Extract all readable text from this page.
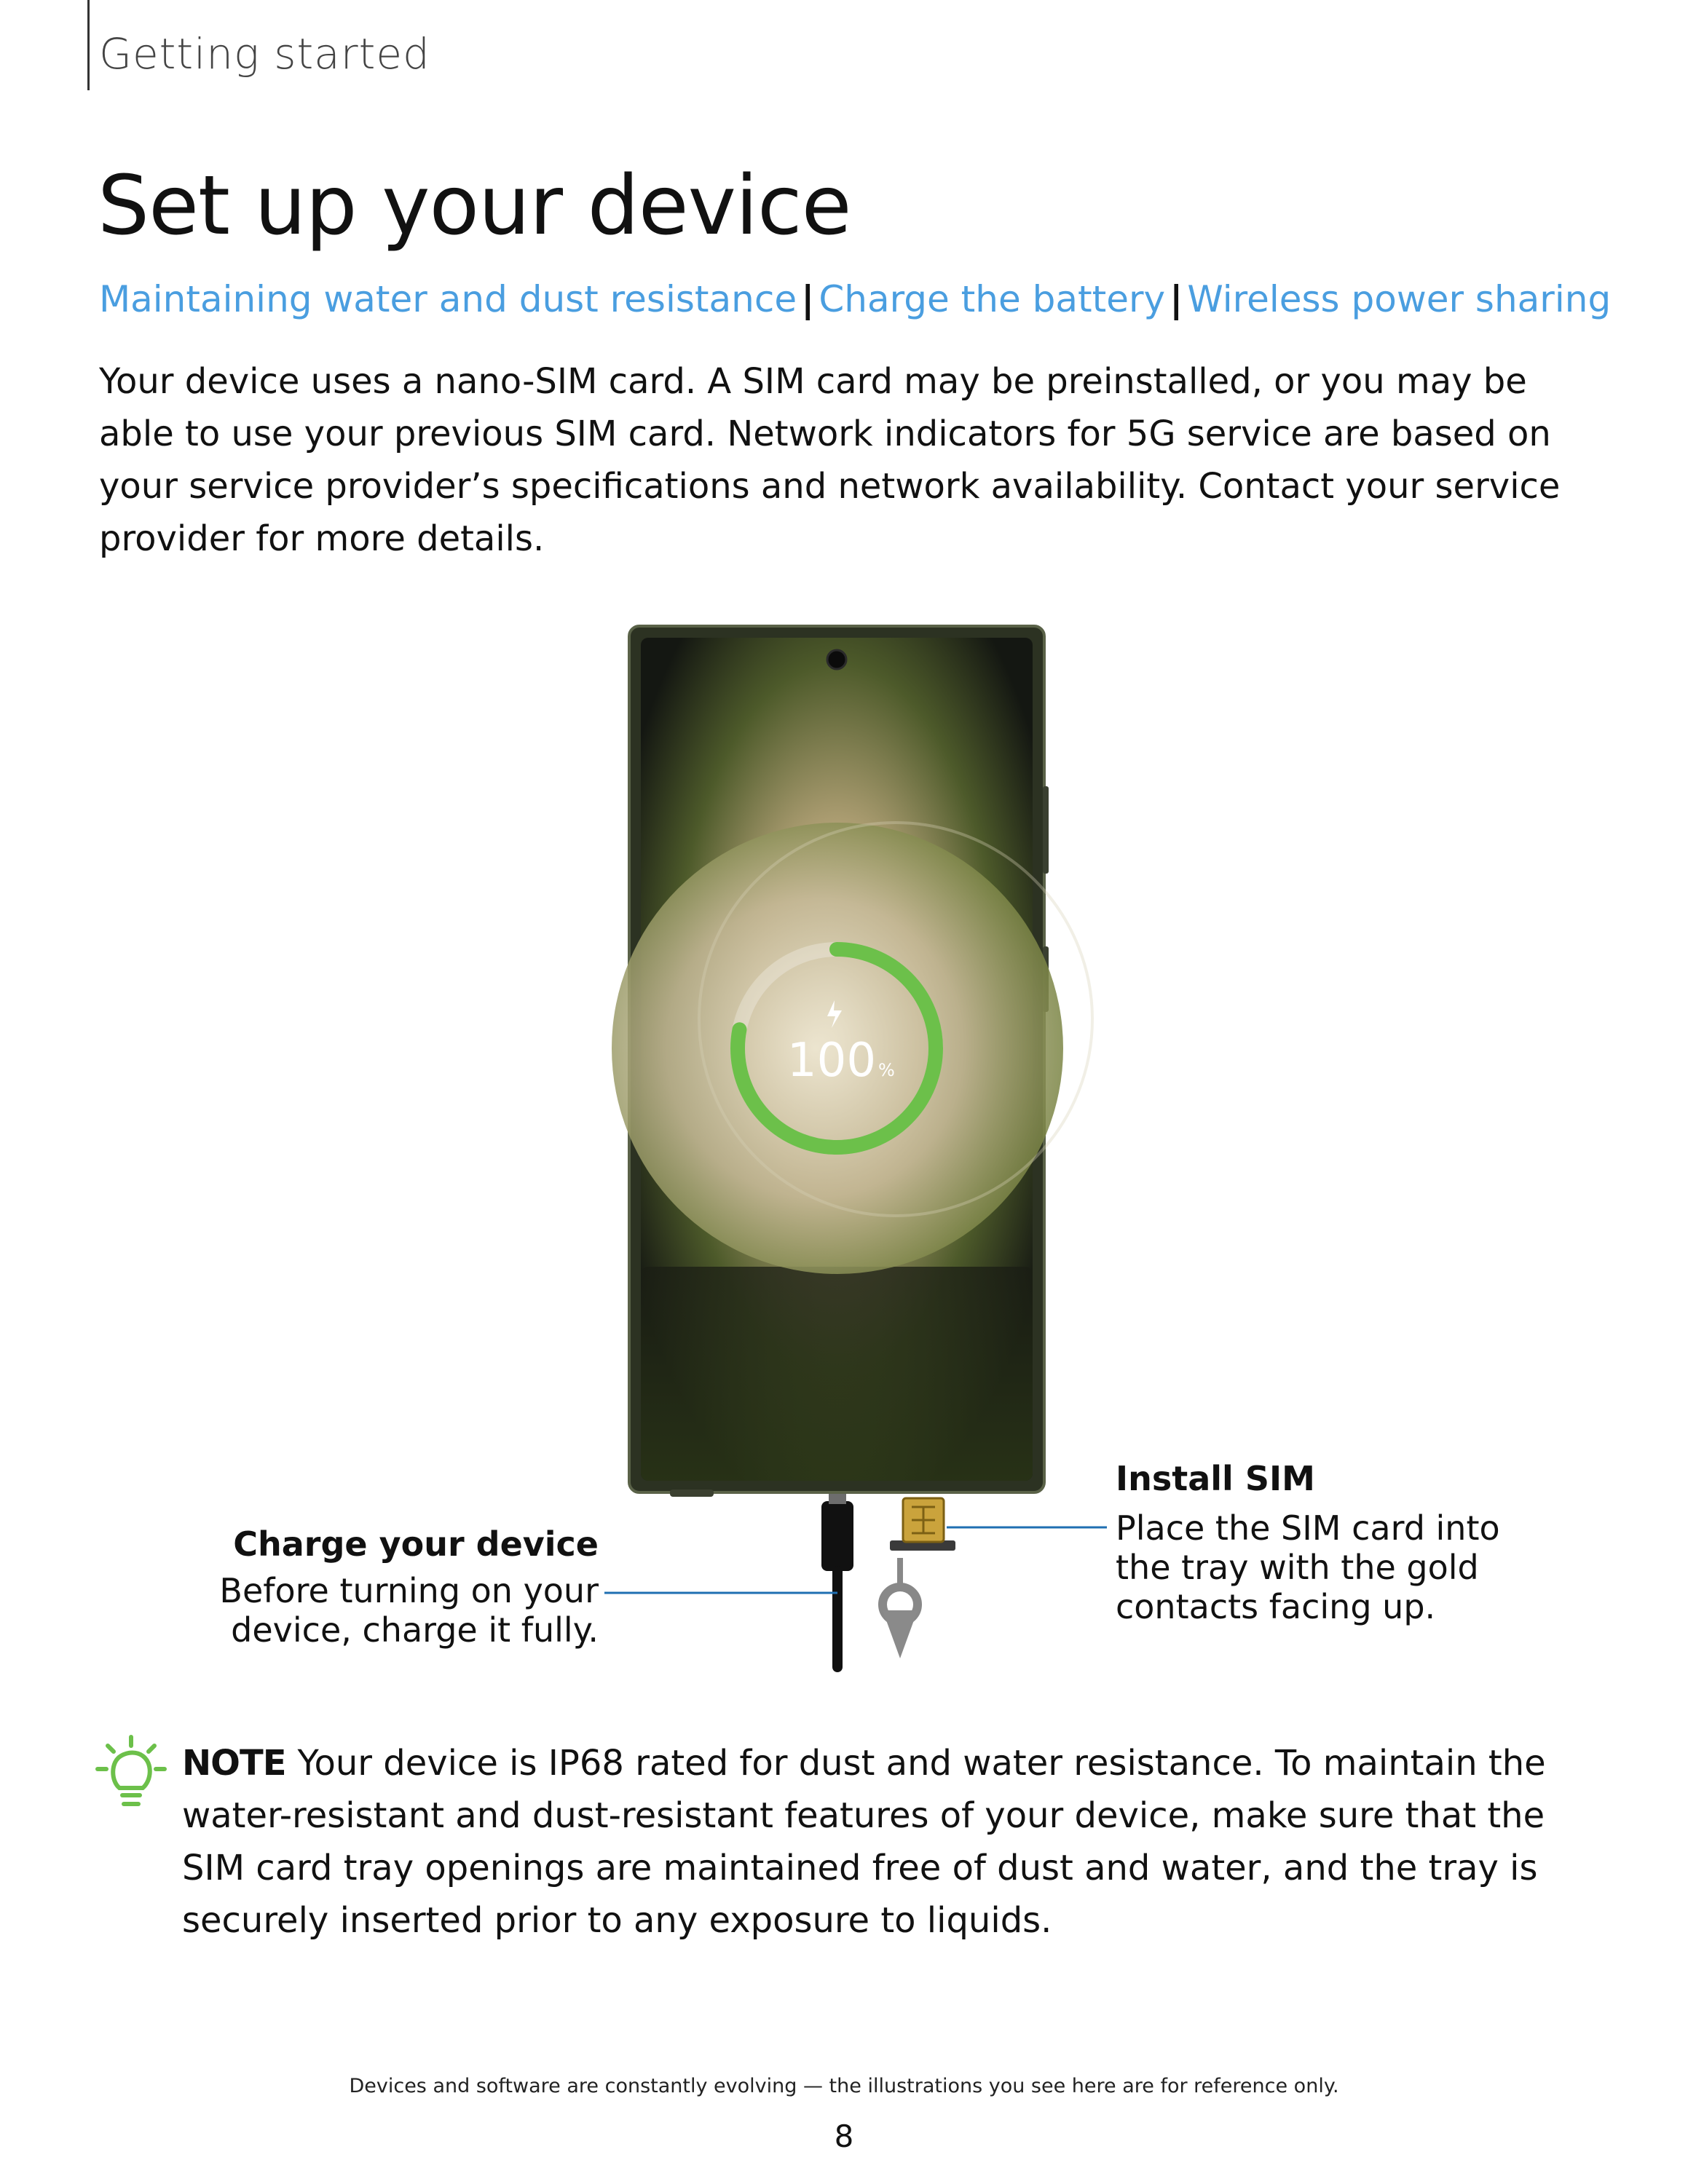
Getting started
Set up your device
Maintaining water and dust resistance | Charge the battery | Wireless power sharing

Your device uses a nano-SIM card. A SIM card may be preinstalled, or you may be able to use your previous SIM card. Network indicators for 5G service are based on your service provider’s specifications and network availability. Contact your service provider for more details.

100 %
Charge your device
Before turning on your device, charge it fully.
Install SIM
Place the SIM card into the tray with the gold contacts facing up.

NOTE Your device is IP68 rated for dust and water resistance. To maintain the water-resistant and dust-resistant features of your device, make sure that the SIM card tray openings are maintained free of dust and water, and the tray is securely inserted prior to any exposure to liquids.

Devices and software are constantly evolving — the illustrations you see here are for reference only.
8
